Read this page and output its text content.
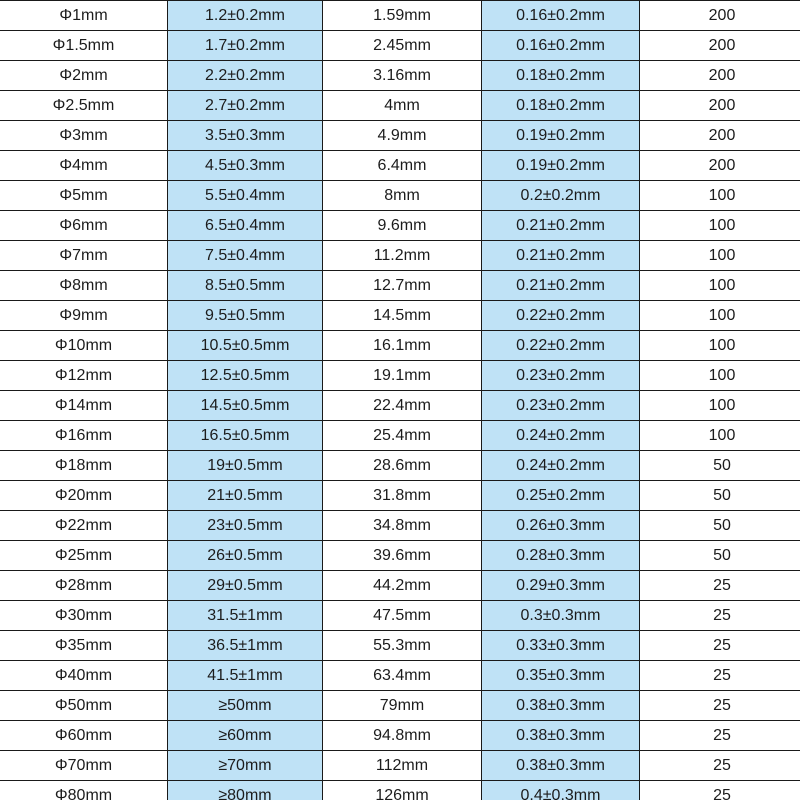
Φ1mm	1.2±0.2mm	1.59mm	0.16±0.2mm	200
Φ1.5mm	1.7±0.2mm	2.45mm	0.16±0.2mm	200
Φ2mm	2.2±0.2mm	3.16mm	0.18±0.2mm	200
Φ2.5mm	2.7±0.2mm	4mm	0.18±0.2mm	200
Φ3mm	3.5±0.3mm	4.9mm	0.19±0.2mm	200
Φ4mm	4.5±0.3mm	6.4mm	0.19±0.2mm	200
Φ5mm	5.5±0.4mm	8mm	0.2±0.2mm	100
Φ6mm	6.5±0.4mm	9.6mm	0.21±0.2mm	100
Φ7mm	7.5±0.4mm	11.2mm	0.21±0.2mm	100
Φ8mm	8.5±0.5mm	12.7mm	0.21±0.2mm	100
Φ9mm	9.5±0.5mm	14.5mm	0.22±0.2mm	100
Φ10mm	10.5±0.5mm	16.1mm	0.22±0.2mm	100
Φ12mm	12.5±0.5mm	19.1mm	0.23±0.2mm	100
Φ14mm	14.5±0.5mm	22.4mm	0.23±0.2mm	100
Φ16mm	16.5±0.5mm	25.4mm	0.24±0.2mm	100
Φ18mm	19±0.5mm	28.6mm	0.24±0.2mm	50
Φ20mm	21±0.5mm	31.8mm	0.25±0.2mm	50
Φ22mm	23±0.5mm	34.8mm	0.26±0.3mm	50
Φ25mm	26±0.5mm	39.6mm	0.28±0.3mm	50
Φ28mm	29±0.5mm	44.2mm	0.29±0.3mm	25
Φ30mm	31.5±1mm	47.5mm	0.3±0.3mm	25
Φ35mm	36.5±1mm	55.3mm	0.33±0.3mm	25
Φ40mm	41.5±1mm	63.4mm	0.35±0.3mm	25
Φ50mm	≥50mm	79mm	0.38±0.3mm	25
Φ60mm	≥60mm	94.8mm	0.38±0.3mm	25
Φ70mm	≥70mm	112mm	0.38±0.3mm	25
Φ80mm	≥80mm	126mm	0.4±0.3mm	25
